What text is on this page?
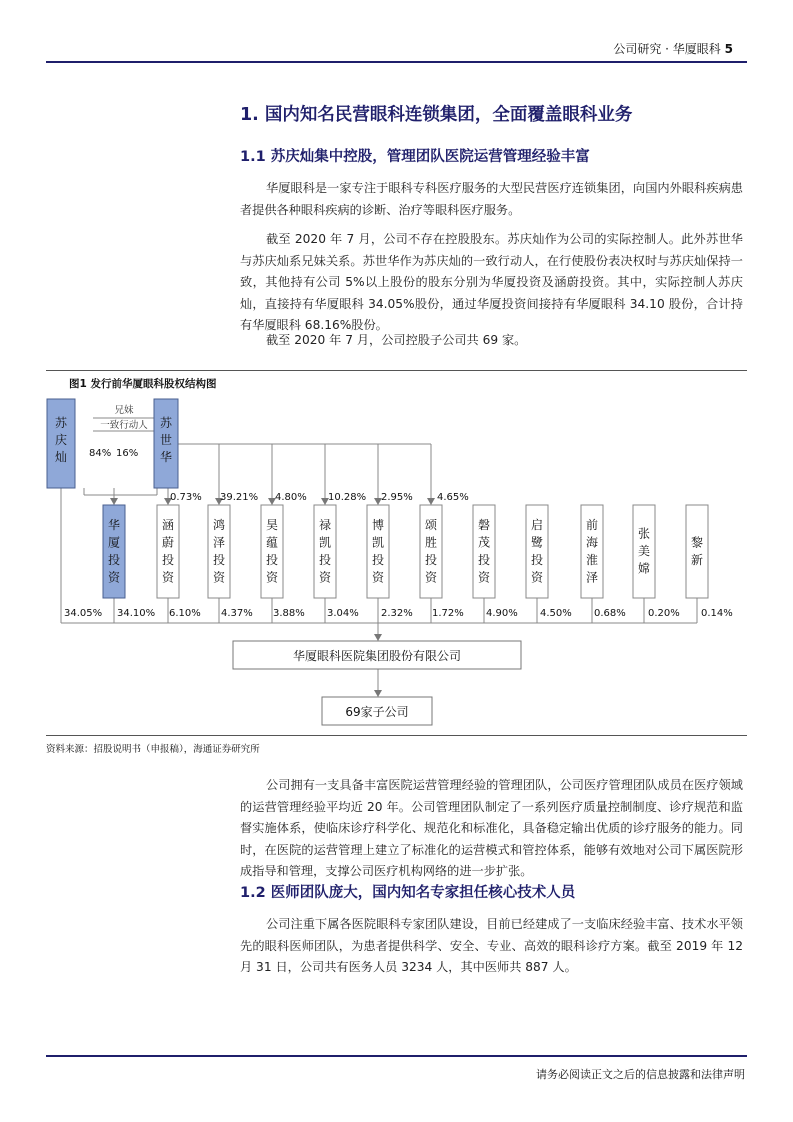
公司研究 · 华厦眼科 5
1. 国内知名民营眼科连锁集团，全面覆盖眼科业务
1.1 苏庆灿集中控股，管理团队医院运营管理经验丰富

华厦眼科是一家专注于眼科专科医疗服务的大型民营医疗连锁集团，向国内外眼科疾病患者提供各种眼科疾病的诊断、治疗等眼科医疗服务。

截至 2020 年 7 月，公司不存在控股股东。苏庆灿作为公司的实际控制人。此外苏世华与苏庆灿系兄妹关系。苏世华作为苏庆灿的一致行动人，在行使股份表决权时与苏庆灿保持一致，其他持有公司 5%以上股份的股东分别为华厦投资及涵蔚投资。其中，实际控制人苏庆灿，直接持有华厦眼科 34.05%股份，通过华厦投资间接持有华厦眼科 34.10 股份，合计持有华厦眼科 68.16%股份。

截至 2020 年 7 月，公司控股子公司共 69 家。

图1 发行前华厦眼科股权结构图
兄妹
一致行动人
苏庆灿
苏世华
84% 16%
0.73% 39.21% 4.80% 10.28% 2.95% 4.65%
华厦投资
涵蔚投资
鸿泽投资
昊蕴投资
禄凯投资
博凯投资
颂胜投资
磐茂投资
启鹭投资
前海淮泽
张美嫦
黎新
34.05% 34.10% 6.10% 4.37% 3.88% 3.04% 2.32% 1.72% 4.90% 4.50% 0.68% 0.20% 0.14%
华厦眼科医院集团股份有限公司
69家子公司
资料来源：招股说明书（申报稿），海通证券研究所

公司拥有一支具备丰富医院运营管理经验的管理团队，公司医疗管理团队成员在医疗领域的运营管理经验平均近 20 年。公司管理团队制定了一系列医疗质量控制制度、诊疗规范和监督实施体系，使临床诊疗科学化、规范化和标准化，具备稳定输出优质的诊疗服务的能力。同时，在医院的运营管理上建立了标准化的运营模式和管控体系，能够有效地对公司下属医院形成指导和管理，支撑公司医疗机构网络的进一步扩张。

1.2 医师团队庞大，国内知名专家担任核心技术人员

公司注重下属各医院眼科专家团队建设，目前已经建成了一支临床经验丰富、技术水平领先的眼科医师团队，为患者提供科学、安全、专业、高效的眼科诊疗方案。截至 2019 年 12 月 31 日，公司共有医务人员 3234 人，其中医师共 887 人。

请务必阅读正文之后的信息披露和法律声明
